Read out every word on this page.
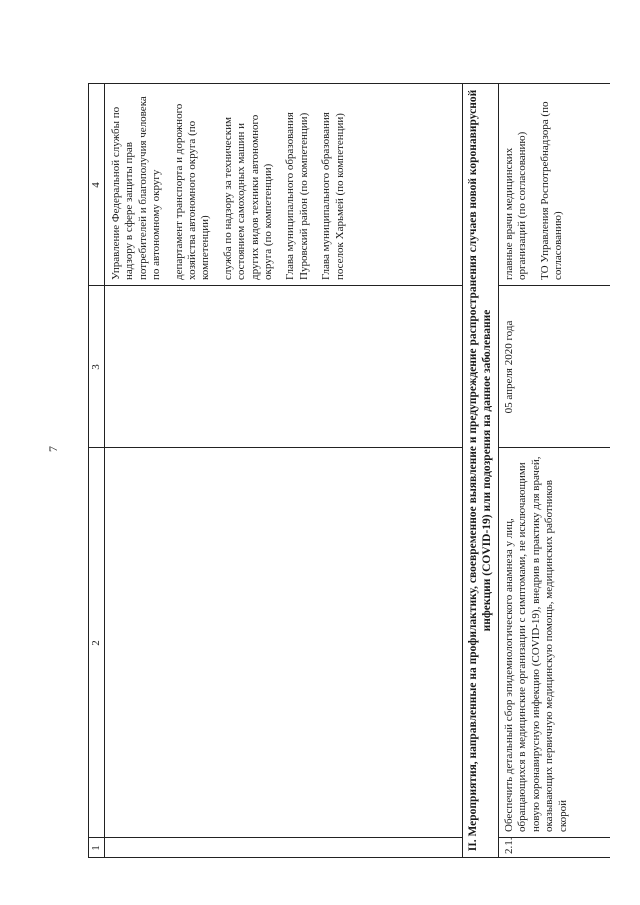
7
1
2
3
4 Управление Федеральной службы по надзору в сфере защиты прав потребителей и благополучия человека по автономному округу департамент транспорта и дорожного хозяйства автономного округа (по компетенции) служба по надзору за техническим состоянием самоходных машин и других видов техники автономного округа (по компетенции) Глава муниципального образования Пуровский район (по компетенции) Глава муниципального образования поселок Харьмей (по компетенции)	II. Мероприятия, направленные на профилактику, своевременное выявление и предупреждение распространения случаев новой коронавирусной инфекции (COVID-19) или подозрения на данное заболевание
2.1.
Обеспечить детальный сбор эпидемиологического анамнеза у лиц, обращающихся в медицинские организации с симптомами, не исключающими новую коронавирусную инфекцию (COVID-19), внедрив в практику для врачей, оказывающих первичную медицинскую помощь, медицинских работников скорой
05 апреля 2020 года

главные врачи медицинских организаций (по согласованию) ТО Управления Роспотребнадзора (по согласованию)
